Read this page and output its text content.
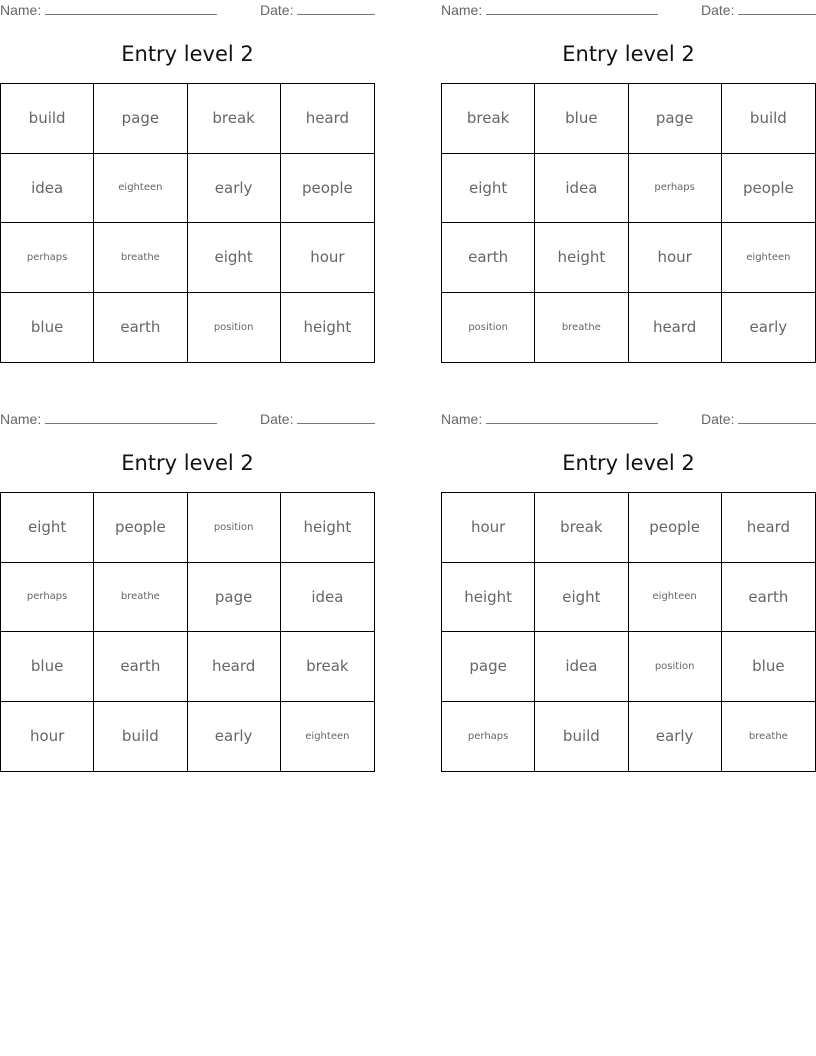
Name:	Date:
Entry level 2
build	page	break	heard
idea	eighteen	early	people
perhaps	breathe	eight	hour
blue	earth	position	height
Name:	Date:
Entry level 2
break	blue	page	build
eight	idea	perhaps	people
earth	height	hour	eighteen
position	breathe	heard	early
Name:	Date:
Entry level 2
eight	people	position	height
perhaps	breathe	page	idea
blue	earth	heard	break
hour	build	early	eighteen
Name:	Date:
Entry level 2
hour	break	people	heard
height	eight	eighteen	earth
page	idea	position	blue
perhaps	build	early	breathe
